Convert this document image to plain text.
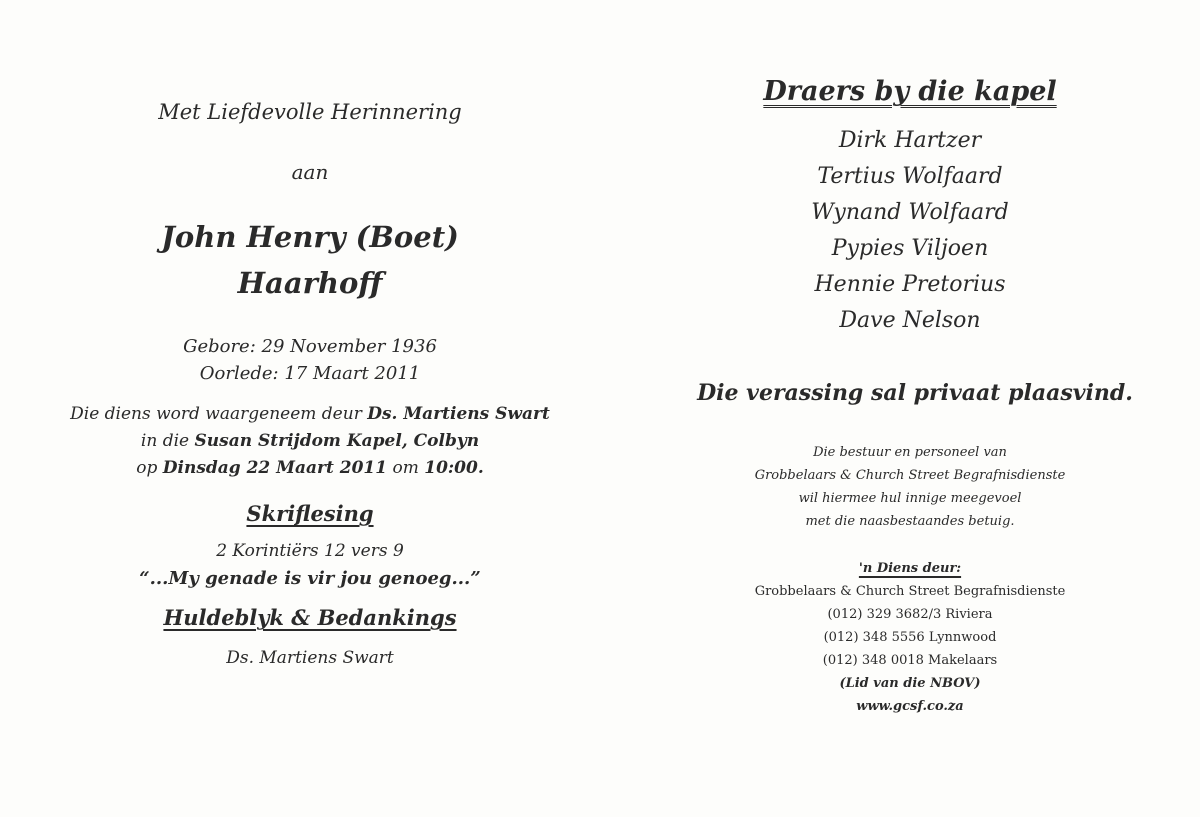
Met Liefdevolle Herinnering
aan
John Henry (Boet)
Haarhoff
Gebore: 29 November 1936
Oorlede: 17 Maart 2011
Die diens word waargeneem deur Ds. Martiens Swart
in die Susan Strijdom Kapel, Colbyn
op Dinsdag 22 Maart 2011 om 10:00.
Skriflesing
2 Korintiërs 12 vers 9
“...My genade is vir jou genoeg...”
Huldeblyk & Bedankings
Ds. Martiens Swart
Draers by die kapel
Dirk Hartzer
Tertius Wolfaard
Wynand Wolfaard
Pypies Viljoen
Hennie Pretorius
Dave Nelson
Die verassing sal privaat plaasvind.
Die bestuur en personeel van
Grobbelaars & Church Street Begrafnisdienste
wil hiermee hul innige meegevoel
met die naasbestaandes betuig.
'n Diens deur:
Grobbelaars & Church Street Begrafnisdienste
(012) 329 3682/3 Riviera
(012) 348 5556 Lynnwood
(012) 348 0018 Makelaars
(Lid van die NBOV)
www.gcsf.co.za
